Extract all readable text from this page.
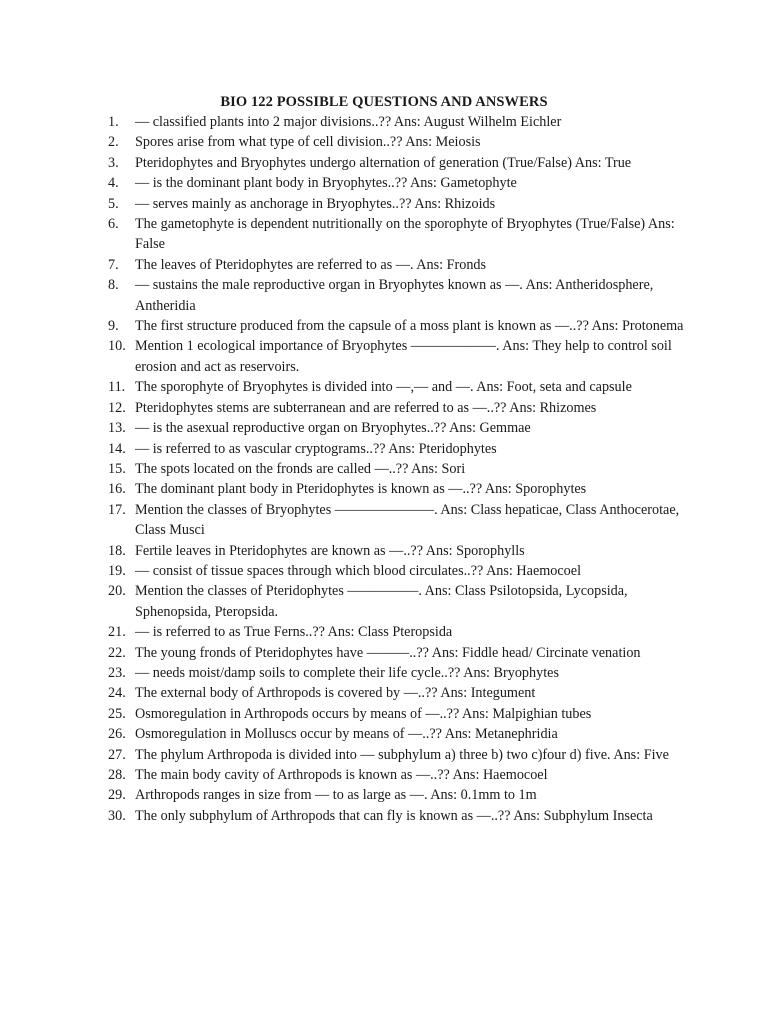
BIO 122 POSSIBLE QUESTIONS AND ANSWERS
1. — classified plants into 2 major divisions..?? Ans: August Wilhelm Eichler
2. Spores arise from what type of cell division..?? Ans: Meiosis
3. Pteridophytes and Bryophytes undergo alternation of generation (True/False) Ans: True
4. — is the dominant plant body in Bryophytes..?? Ans: Gametophyte
5. — serves mainly as anchorage in Bryophytes..?? Ans: Rhizoids
6. The gametophyte is dependent nutritionally on the sporophyte of Bryophytes (True/False) Ans: False
7. The leaves of Pteridophytes are referred to as —. Ans: Fronds
8. — sustains the male reproductive organ in Bryophytes known as —. Ans: Antheridosphere, Antheridia
9. The first structure produced from the capsule of a moss plant is known as —..?? Ans: Protonema
10. Mention 1 ecological importance of Bryophytes ——————. Ans: They help to control soil erosion and act as reservoirs.
11. The sporophyte of Bryophytes is divided into —,— and —. Ans: Foot, seta and capsule
12. Pteridophytes stems are subterranean and are referred to as —..?? Ans: Rhizomes
13. — is the asexual reproductive organ on Bryophytes..?? Ans: Gemmae
14. — is referred to as vascular cryptograms..?? Ans: Pteridophytes
15. The spots located on the fronds are called —..?? Ans: Sori
16. The dominant plant body in Pteridophytes is known as —..?? Ans: Sporophytes
17. Mention the classes of Bryophytes ———————. Ans: Class hepaticae, Class Anthocerotae, Class Musci
18. Fertile leaves in Pteridophytes are known as —..?? Ans: Sporophylls
19. — consist of tissue spaces through which blood circulates..?? Ans: Haemocoel
20. Mention the classes of Pteridophytes —————. Ans: Class Psilotopsida, Lycopsida, Sphenopsida, Pteropsida.
21. — is referred to as True Ferns..?? Ans: Class Pteropsida
22. The young fronds of Pteridophytes have ———..?? Ans: Fiddle head/ Circinate venation
23. — needs moist/damp soils to complete their life cycle..?? Ans: Bryophytes
24. The external body of Arthropods is covered by —..?? Ans: Integument
25. Osmoregulation in Arthropods occurs by means of —..?? Ans: Malpighian tubes
26. Osmoregulation in Molluscs occur by means of —..?? Ans: Metanephridia
27. The phylum Arthropoda is divided into — subphylum a) three b) two c)four d) five. Ans: Five
28. The main body cavity of Arthropods is known as —..?? Ans: Haemocoel
29. Arthropods ranges in size from — to as large as —. Ans: 0.1mm to 1m
30. The only subphylum of Arthropods that can fly is known as —..?? Ans: Subphylum Insecta
